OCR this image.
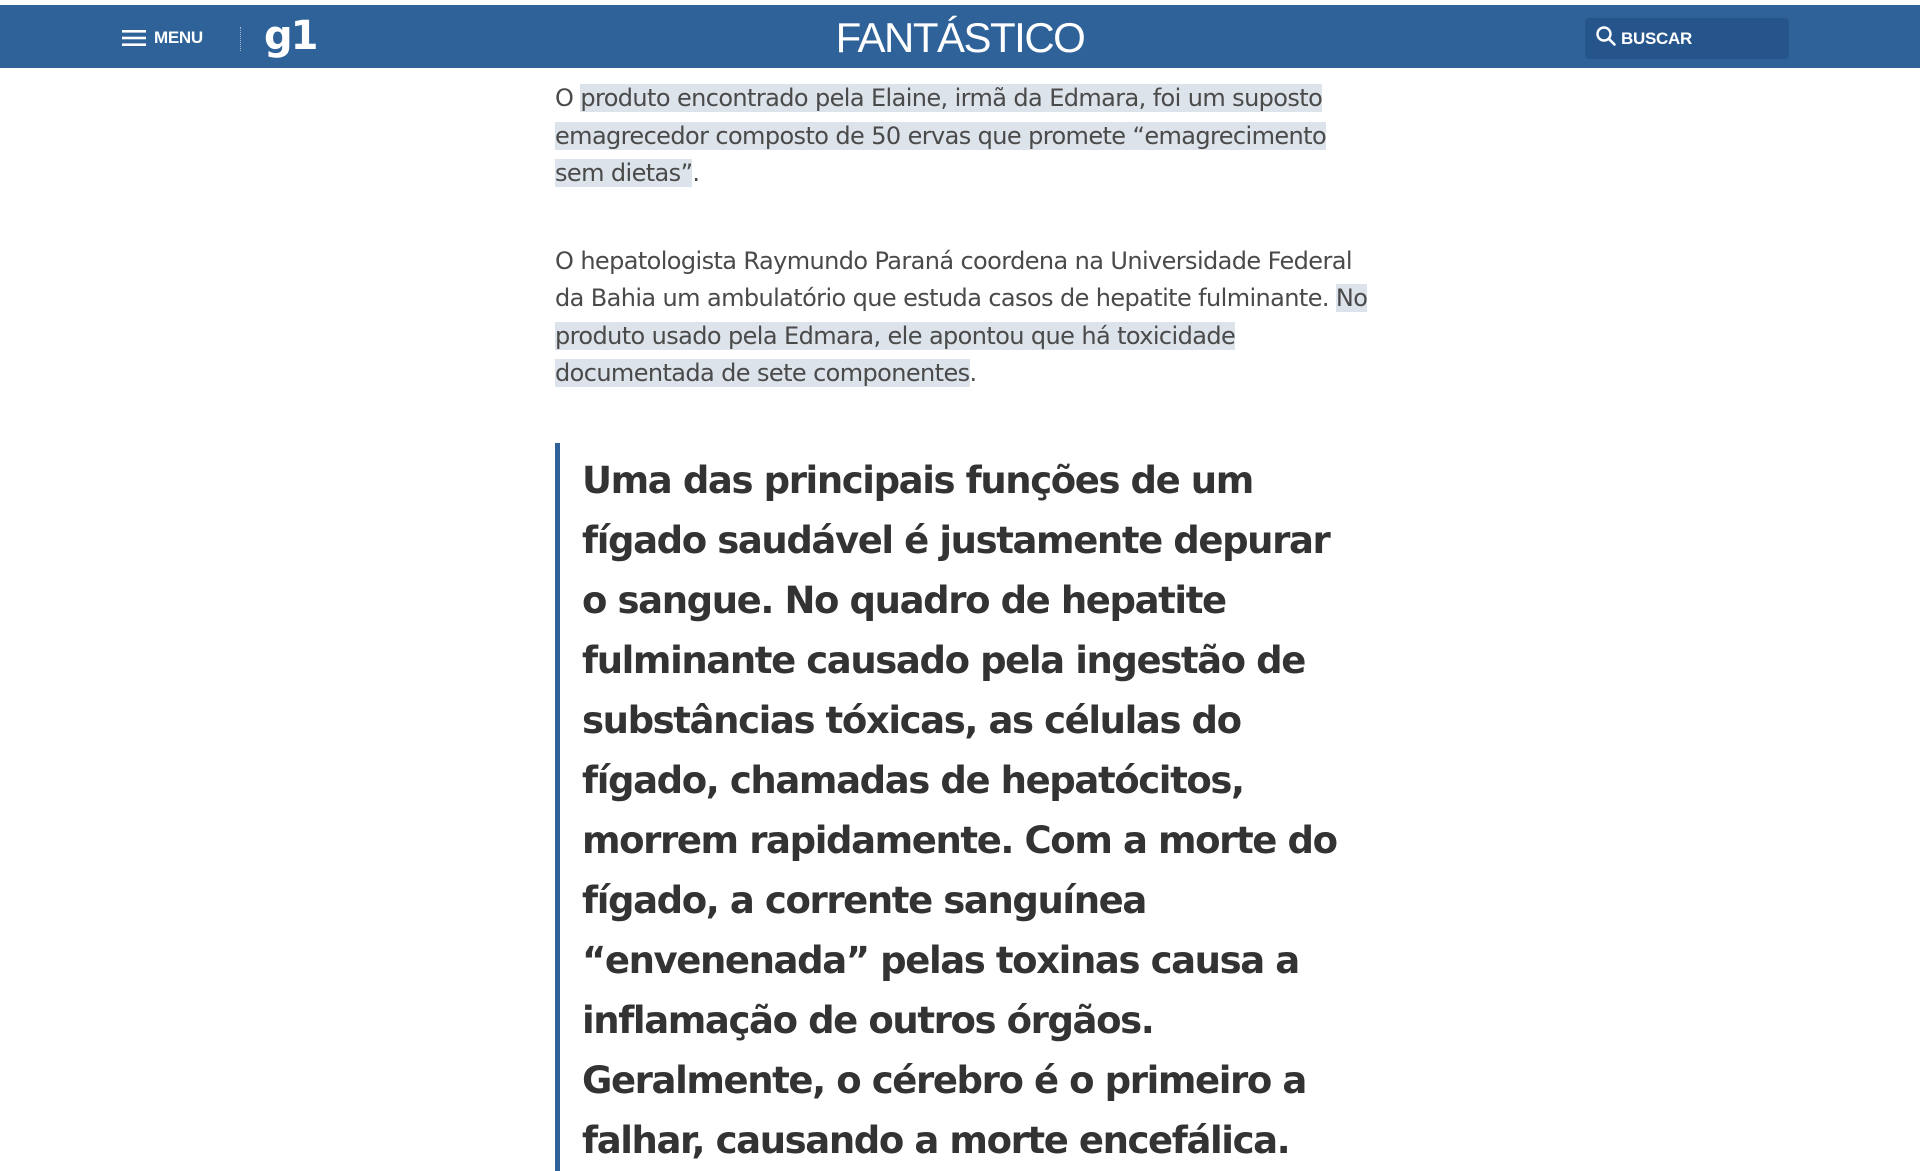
MENU g1	FANTÁSTICO	BUSCAR

O produto encontrado pela Elaine, irmã da Edmara, foi um suposto emagrecedor composto de 50 ervas que promete “emagrecimento sem dietas”.

O hepatologista Raymundo Paraná coordena na Universidade Federal da Bahia um ambulatório que estuda casos de hepatite fulminante. No produto usado pela Edmara, ele apontou que há toxicidade documentada de sete componentes.

Uma das principais funções de um fígado saudável é justamente depurar o sangue. No quadro de hepatite fulminante causado pela ingestão de substâncias tóxicas, as células do fígado, chamadas de hepatócitos, morrem rapidamente. Com a morte do fígado, a corrente sanguínea “envenenada” pelas toxinas causa a inflamação de outros órgãos. Geralmente, o cérebro é o primeiro a falhar, causando a morte encefálica.
